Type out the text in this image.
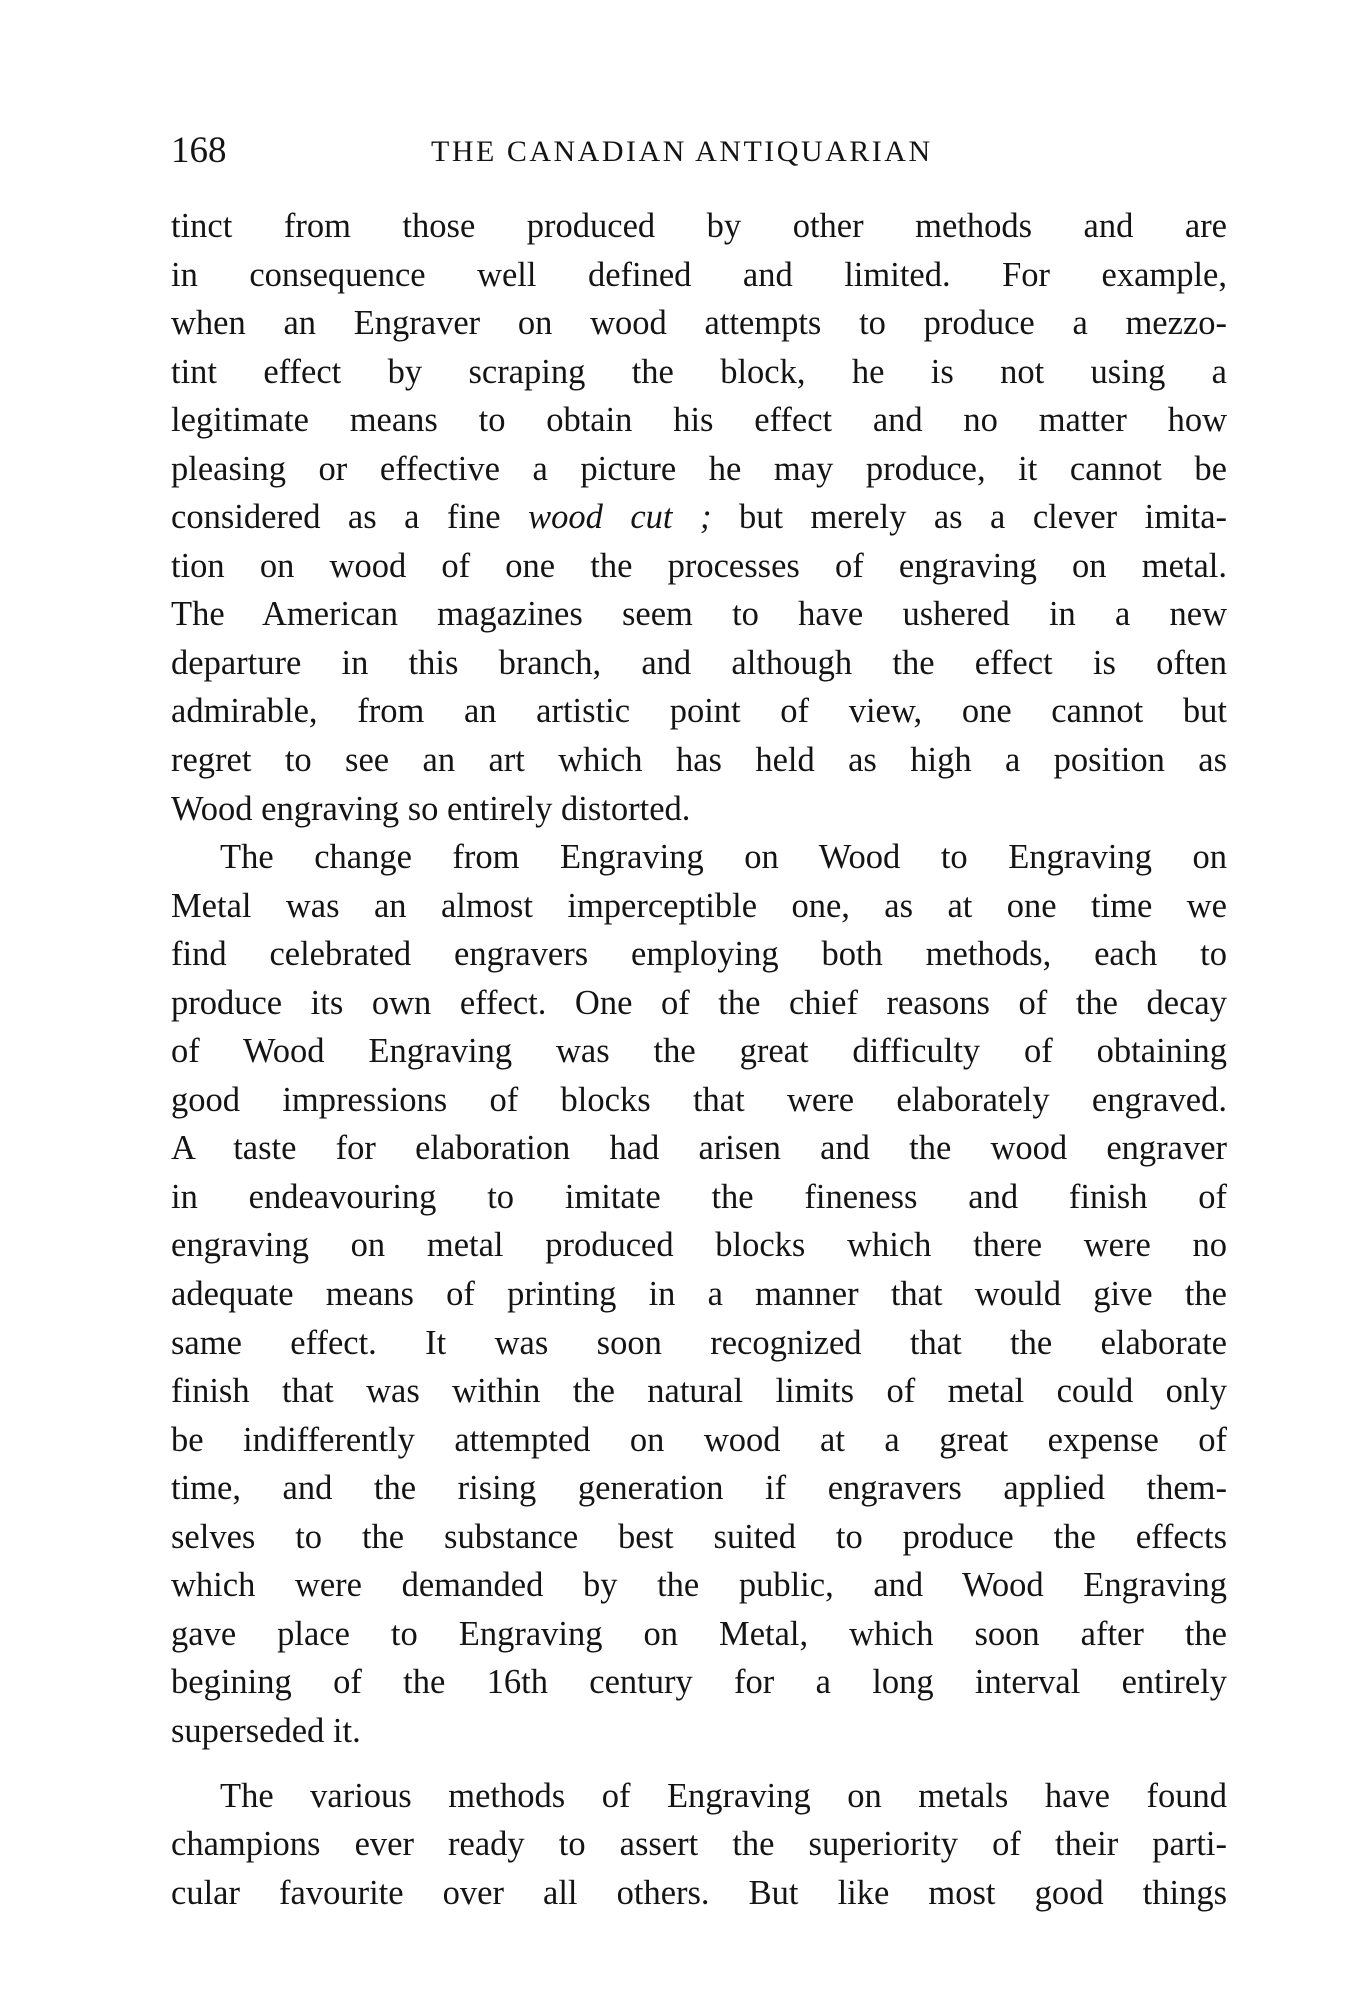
168	THE CANADIAN ANTIQUARIAN
tinct from those produced by other methods and are
in consequence well defined and limited. For example,
when an Engraver on wood attempts to produce a mezzo-
tint effect by scraping the block, he is not using a
legitimate means to obtain his effect and no matter how
pleasing or effective a picture he may produce, it cannot be
considered as a fine wood cut ; but merely as a clever imita-
tion on wood of one the processes of engraving on metal.
The American magazines seem to have ushered in a new
departure in this branch, and although the effect is often
admirable, from an artistic point of view, one cannot but
regret to see an art which has held as high a position as
Wood engraving so entirely distorted.
The change from Engraving on Wood to Engraving on
Metal was an almost imperceptible one, as at one time we
find celebrated engravers employing both methods, each to
produce its own effect. One of the chief reasons of the decay
of Wood Engraving was the great difficulty of obtaining
good impressions of blocks that were elaborately engraved.
A taste for elaboration had arisen and the wood engraver
in endeavouring to imitate the fineness and finish of
engraving on metal produced blocks which there were no
adequate means of printing in a manner that would give the
same effect. It was soon recognized that the elaborate
finish that was within the natural limits of metal could only
be indifferently attempted on wood at a great expense of
time, and the rising generation if engravers applied them-
selves to the substance best suited to produce the effects
which were demanded by the public, and Wood Engraving
gave place to Engraving on Metal, which soon after the
begining of the 16th century for a long interval entirely
superseded it.
The various methods of Engraving on metals have found
champions ever ready to assert the superiority of their parti-
cular favourite over all others. But like most good things
